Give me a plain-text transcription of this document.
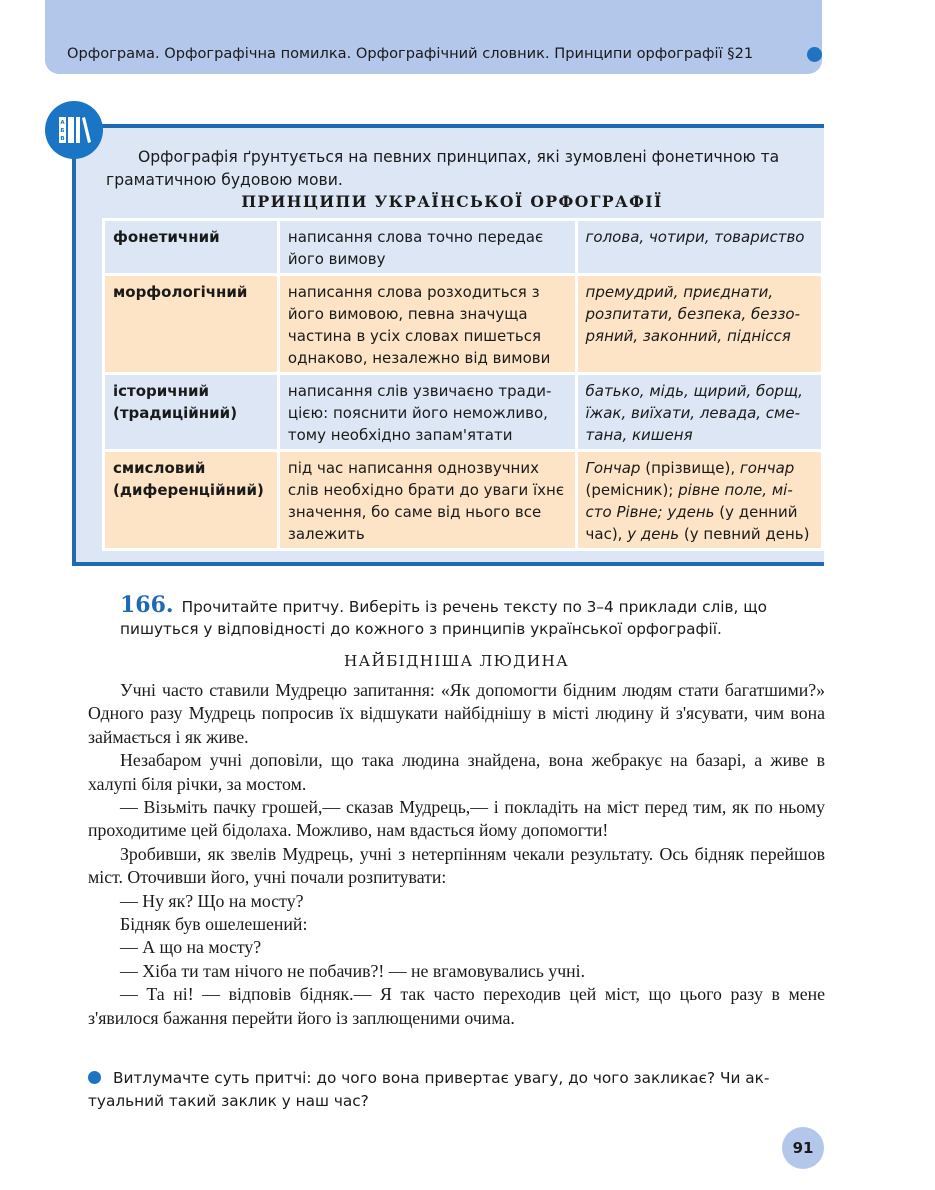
Орфограма. Орфографічна помилка. Орфографічний словник. Принципи орфографії §21
А
Б
В
Орфографія ґрунтується на певних принципах, які зумовлені фонетичною та граматичною будовою мови.
ПРИНЦИПИ УКРАЇНСЬКОЇ ОРФОГРАФІЇ
фонетичний	написання слова точно передає його вимову	голова, чотири, товариство
морфологічний	написання слова розходиться з його вимовою, певна значуща частина в усіх словах пишеться однаково, незалежно від вимови	премудрий, приєднати, розпитати, безпека, беззоряний, законний, піднісся
історичний (традиційний)	написання слів узвичаєно традицією: пояснити його неможливо, тому необхідно запам'ятати	батько, мідь, щирий, борщ, їжак, виїхати, левада, сметана, кишеня
смисловий (диференційний)	під час написання однозвучних слів необхідно брати до уваги їхнє значення, бо саме від нього все залежить	Гончар (прізвище), гончар (ремісник); рівне поле, місто Рівне; удень (у денний час), у день (у певний день)
166. Прочитайте притчу. Виберіть із речень тексту по 3–4 приклади слів, що пишуться у відповідності до кожного з принципів української орфографії.
НАЙБІДНІША ЛЮДИНА

Учні часто ставили Мудрецю запитання: «Як допомогти бідним людям стати багатшими?» Одного разу Мудрець попросив їх відшукати найбіднішу в місті людину й з'ясувати, чим вона займається і як живе.

Незабаром учні доповіли, що така людина знайдена, вона жебракує на базарі, а живе в халупі біля річки, за мостом.

— Візьміть пачку грошей,— сказав Мудрець,— і покладіть на міст перед тим, як по ньому проходитиме цей бідолаха. Можливо, нам вдасться йому допомогти!

Зробивши, як звелів Мудрець, учні з нетерпінням чекали результату. Ось бідняк перейшов міст. Оточивши його, учні почали розпитувати:

— Ну як? Що на мосту?

Бідняк був ошелешений:

— А що на мосту?

— Хіба ти там нічого не побачив?! — не вгамовувались учні.

— Та ні! — відповів бідняк.— Я так часто переходив цей міст, що цього разу в мене з'явилося бажання перейти його із заплющеними очима.

Витлумачте суть притчі: до чого вона привертає увагу, до чого закликає? Чи актуальний такий заклик у наш час?
91
